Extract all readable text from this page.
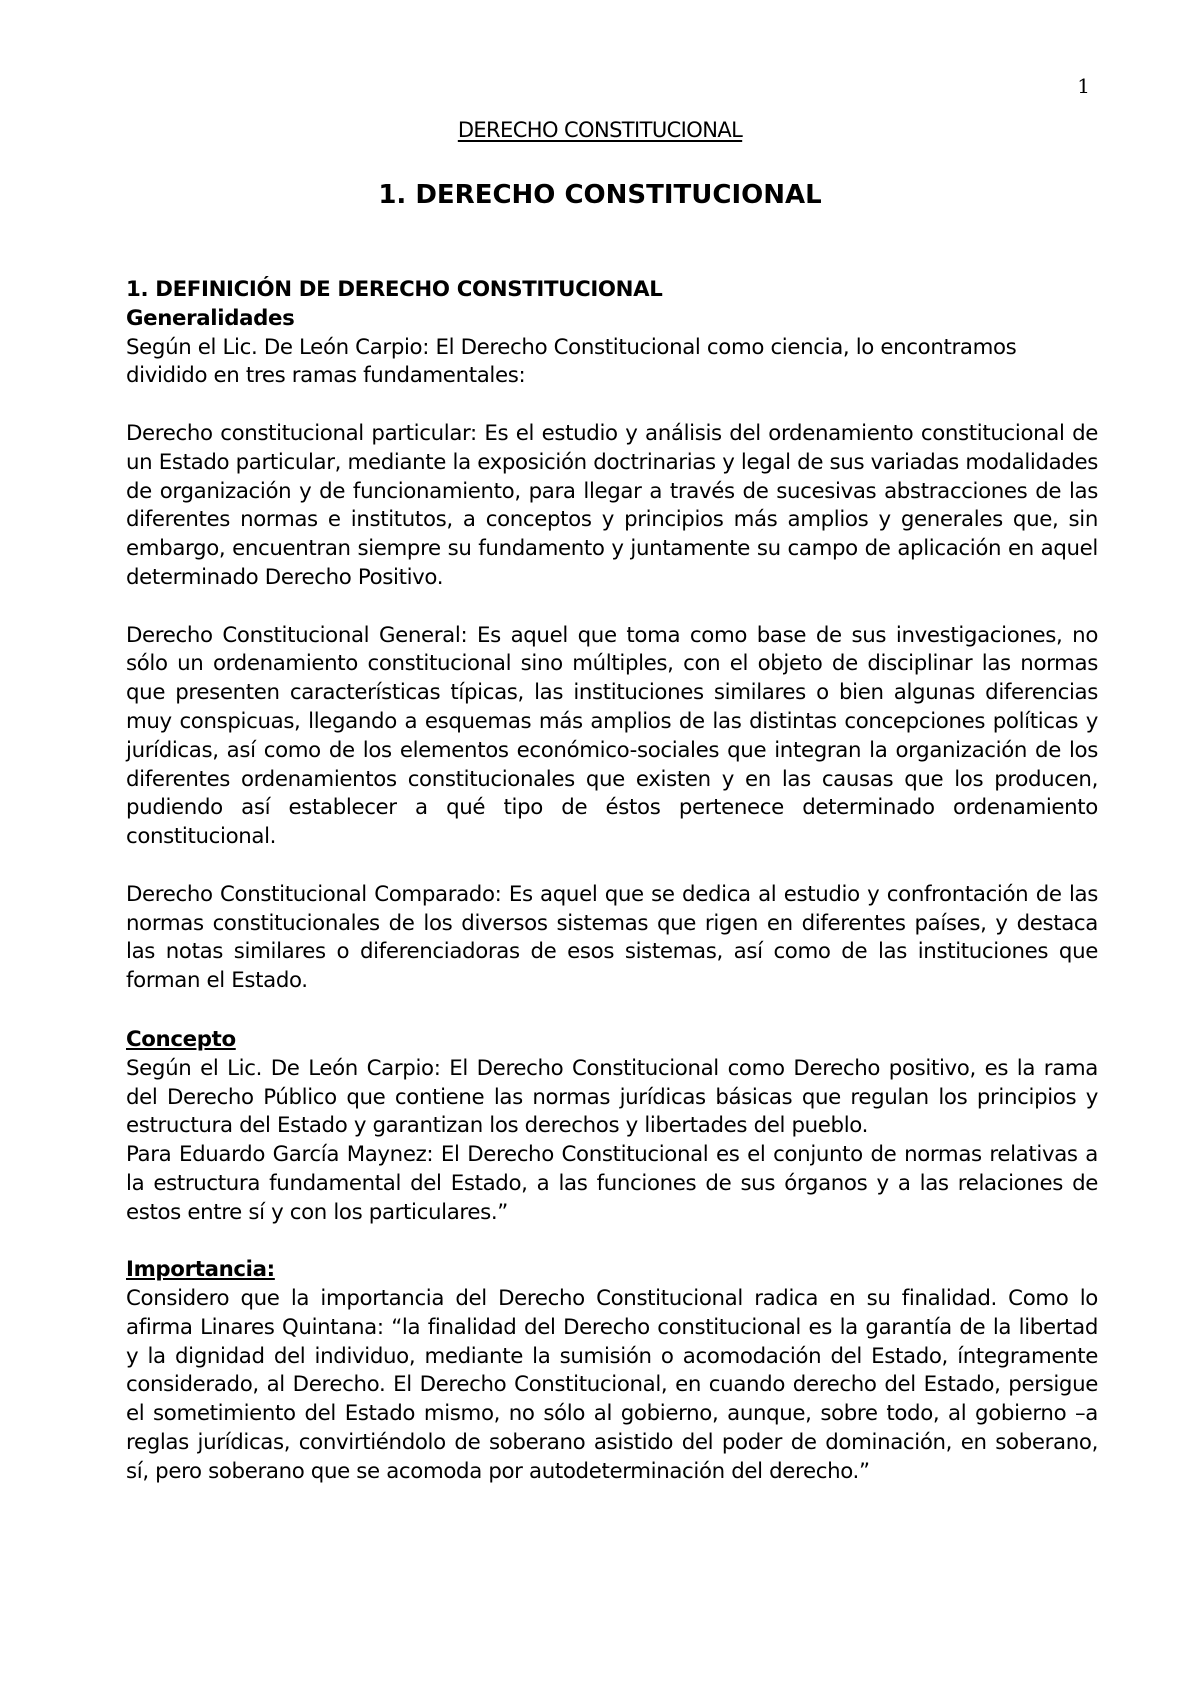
1
DERECHO CONSTITUCIONAL
1. DERECHO CONSTITUCIONAL

1. DEFINICIÓN DE DERECHO CONSTITUCIONAL

Generalidades

Según el Lic. De León Carpio: El Derecho Constitucional como ciencia, lo encontramos dividido en tres ramas fundamentales:

Derecho constitucional particular: Es el estudio y análisis del ordenamiento constitucional de un Estado particular, mediante la exposición doctrinarias y legal de sus variadas modalidades de organización y de funcionamiento, para llegar a través de sucesivas abstracciones de las diferentes normas e institutos, a conceptos y principios más amplios y generales que, sin embargo, encuentran siempre su fundamento y juntamente su campo de aplicación en aquel determinado Derecho Positivo.

Derecho Constitucional General: Es aquel que toma como base de sus investigaciones, no sólo un ordenamiento constitucional sino múltiples, con el objeto de disciplinar las normas que presenten características típicas, las instituciones similares o bien algunas diferencias muy conspicuas, llegando a esquemas más amplios de las distintas concepciones políticas y jurídicas, así como de los elementos económico-sociales que integran la organización de los diferentes ordenamientos constitucionales que existen y en las causas que los producen, pudiendo así establecer a qué tipo de éstos pertenece determinado ordenamiento constitucional.

Derecho Constitucional Comparado: Es aquel que se dedica al estudio y confrontación de las normas constitucionales de los diversos sistemas que rigen en diferentes países, y destaca las notas similares o diferenciadoras de esos sistemas, así como de las instituciones que forman el Estado.

Concepto

Según el Lic. De León Carpio: El Derecho Constitucional como Derecho positivo, es la rama del Derecho Público que contiene las normas jurídicas básicas que regulan los principios y estructura del Estado y garantizan los derechos y libertades del pueblo.

Para Eduardo García Maynez: El Derecho Constitucional es el conjunto de normas relativas a la estructura fundamental del Estado, a las funciones de sus órganos y a las relaciones de estos entre sí y con los particulares.”

Importancia:

Considero que la importancia del Derecho Constitucional radica en su finalidad. Como lo afirma Linares Quintana: “la finalidad del Derecho constitucional es la garantía de la libertad y la dignidad del individuo, mediante la sumisión o acomodación del Estado, íntegramente considerado, al Derecho. El Derecho Constitucional, en cuando derecho del Estado, persigue el sometimiento del Estado mismo, no sólo al gobierno, aunque, sobre todo, al gobierno –a reglas jurídicas, convirtiéndolo de soberano asistido del poder de dominación, en soberano, sí, pero soberano que se acomoda por autodeterminación del derecho.”
